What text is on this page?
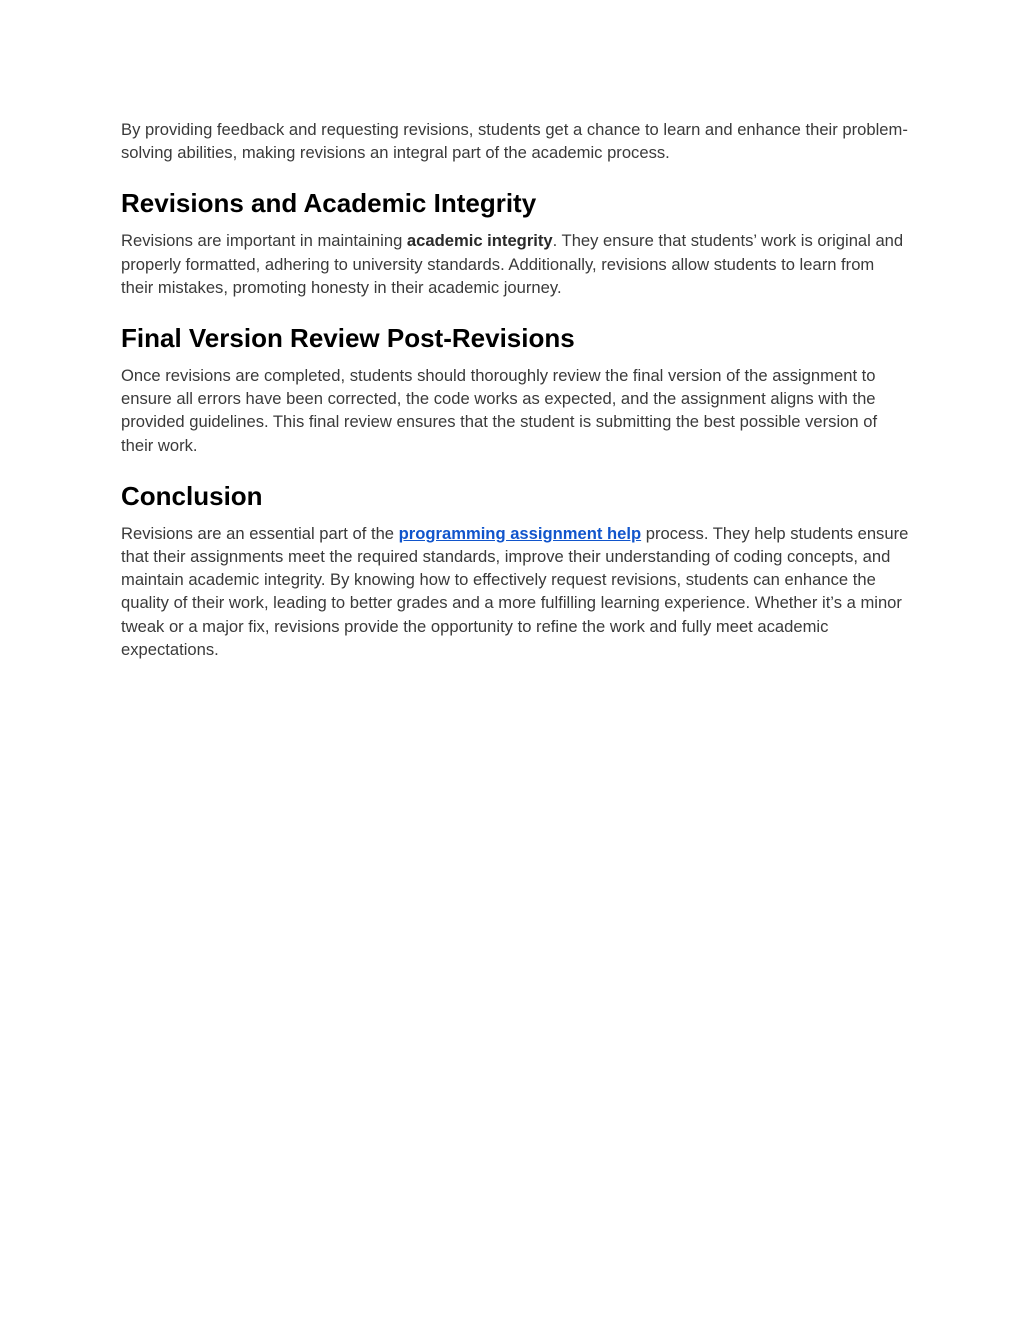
By providing feedback and requesting revisions, students get a chance to learn and enhance their problem-solving abilities, making revisions an integral part of the academic process.

Revisions and Academic Integrity

Revisions are important in maintaining academic integrity. They ensure that students’ work is original and properly formatted, adhering to university standards. Additionally, revisions allow students to learn from their mistakes, promoting honesty in their academic journey.

Final Version Review Post-Revisions

Once revisions are completed, students should thoroughly review the final version of the assignment to ensure all errors have been corrected, the code works as expected, and the assignment aligns with the provided guidelines. This final review ensures that the student is submitting the best possible version of their work.

Conclusion

Revisions are an essential part of the programming assignment help process. They help students ensure that their assignments meet the required standards, improve their understanding of coding concepts, and maintain academic integrity. By knowing how to effectively request revisions, students can enhance the quality of their work, leading to better grades and a more fulfilling learning experience. Whether it’s a minor tweak or a major fix, revisions provide the opportunity to refine the work and fully meet academic expectations.
